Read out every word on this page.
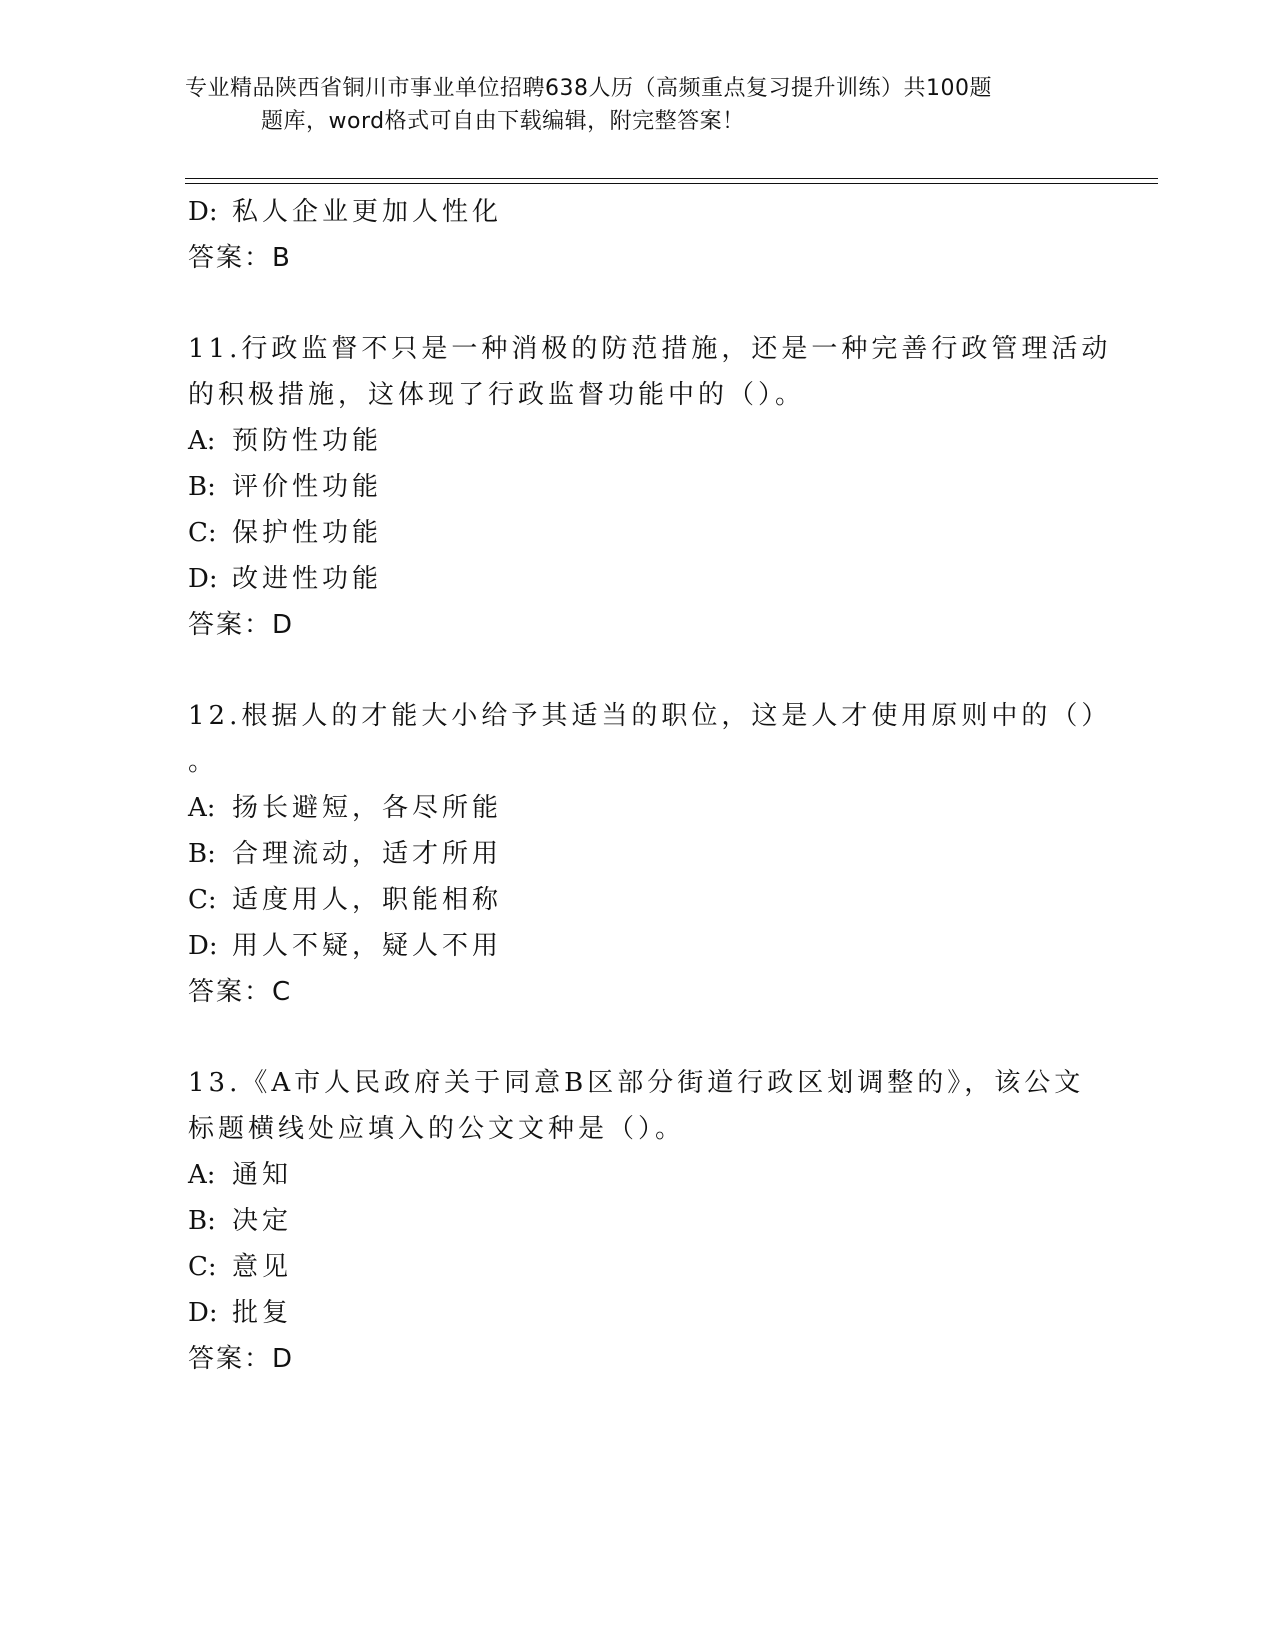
专业精品陕西省铜川市事业单位招聘638人历（高频重点复习提升训练）共100题
题库，word格式可自由下载编辑，附完整答案！
D: 私人企业更加人性化
答案：B
11.行政监督不只是一种消极的防范措施，还是一种完善行政管理活动
的积极措施，这体现了行政监督功能中的（）。
A: 预防性功能
B: 评价性功能
C: 保护性功能
D: 改进性功能
答案：D
12.根据人的才能大小给予其适当的职位，这是人才使用原则中的（）
。
A: 扬长避短，各尽所能
B: 合理流动，适才所用
C: 适度用人，职能相称
D: 用人不疑，疑人不用
答案：C
13.《A市人民政府关于同意B区部分街道行政区划调整的》，该公文
标题横线处应填入的公文文种是（）。
A: 通知
B: 决定
C: 意见
D: 批复
答案：D
